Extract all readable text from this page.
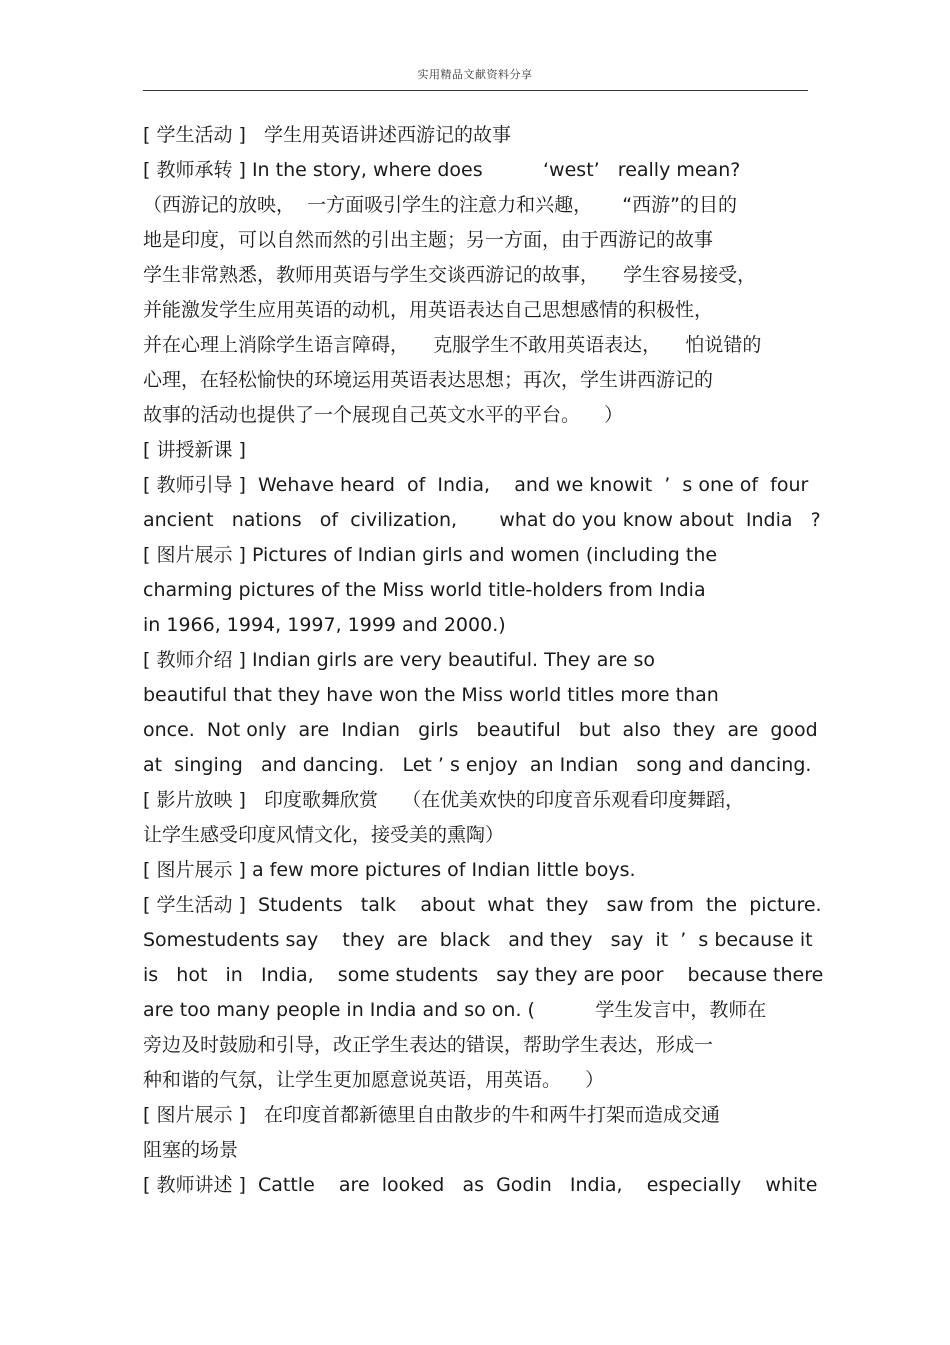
实用精品文献资料分享
[ 学生活动 ]   学生用英语讲述西游记的故事
[ 教师承转 ] In the story, where does          ‘west’   really mean?
（西游记的放映，  一方面吸引学生的注意力和兴趣，     “西游”的目的
地是印度，可以自然而然的引出主题；另一方面，由于西游记的故事
学生非常熟悉，教师用英语与学生交谈西游记的故事，    学生容易接受，
并能激发学生应用英语的动机，用英语表达自己思想感情的积极性，
并在心理上消除学生语言障碍，    克服学生不敢用英语表达，    怕说错的
心理，在轻松愉快的环境运用英语表达思想；再次，学生讲西游记的
故事的活动也提供了一个展现自己英文水平的平台。    ）
[ 讲授新课 ]
[ 教师引导 ]  Wehave heard  of  India,    and we knowit  ’  s one of  four
ancient   nations   of  civilization,       what do you know about  India   ?
[ 图片展示 ] Pictures of Indian girls and women (including the
charming pictures of the Miss world title-holders from India
in 1966, 1994, 1997, 1999 and 2000.)
[ 教师介绍 ] Indian girls are very beautiful. They are so
beautiful that they have won the Miss world titles more than
once.  Not only  are  Indian   girls   beautiful   but  also  they  are  good
at  singing   and dancing.   Let ’ s enjoy  an Indian   song and dancing.
[ 影片放映 ]   印度歌舞欣赏    （在优美欢快的印度音乐观看印度舞蹈，
让学生感受印度风情文化，接受美的熏陶）
[ 图片展示 ] a few more pictures of Indian little boys.
[ 学生活动 ]  Students   talk    about  what  they   saw from  the  picture.
Somestudents say    they  are  black   and they   say  it  ’  s because it
is   hot   in   India,    some students   say they are poor    because there
are too many people in India and so on. (          学生发言中，教师在
旁边及时鼓励和引导，改正学生表达的错误，帮助学生表达，形成一
种和谐的气氛，让学生更加愿意说英语，用英语。    ）
[ 图片展示 ]   在印度首都新德里自由散步的牛和两牛打架而造成交通
阻塞的场景
[ 教师讲述 ]  Cattle    are  looked   as  Godin   India,    especially    white
